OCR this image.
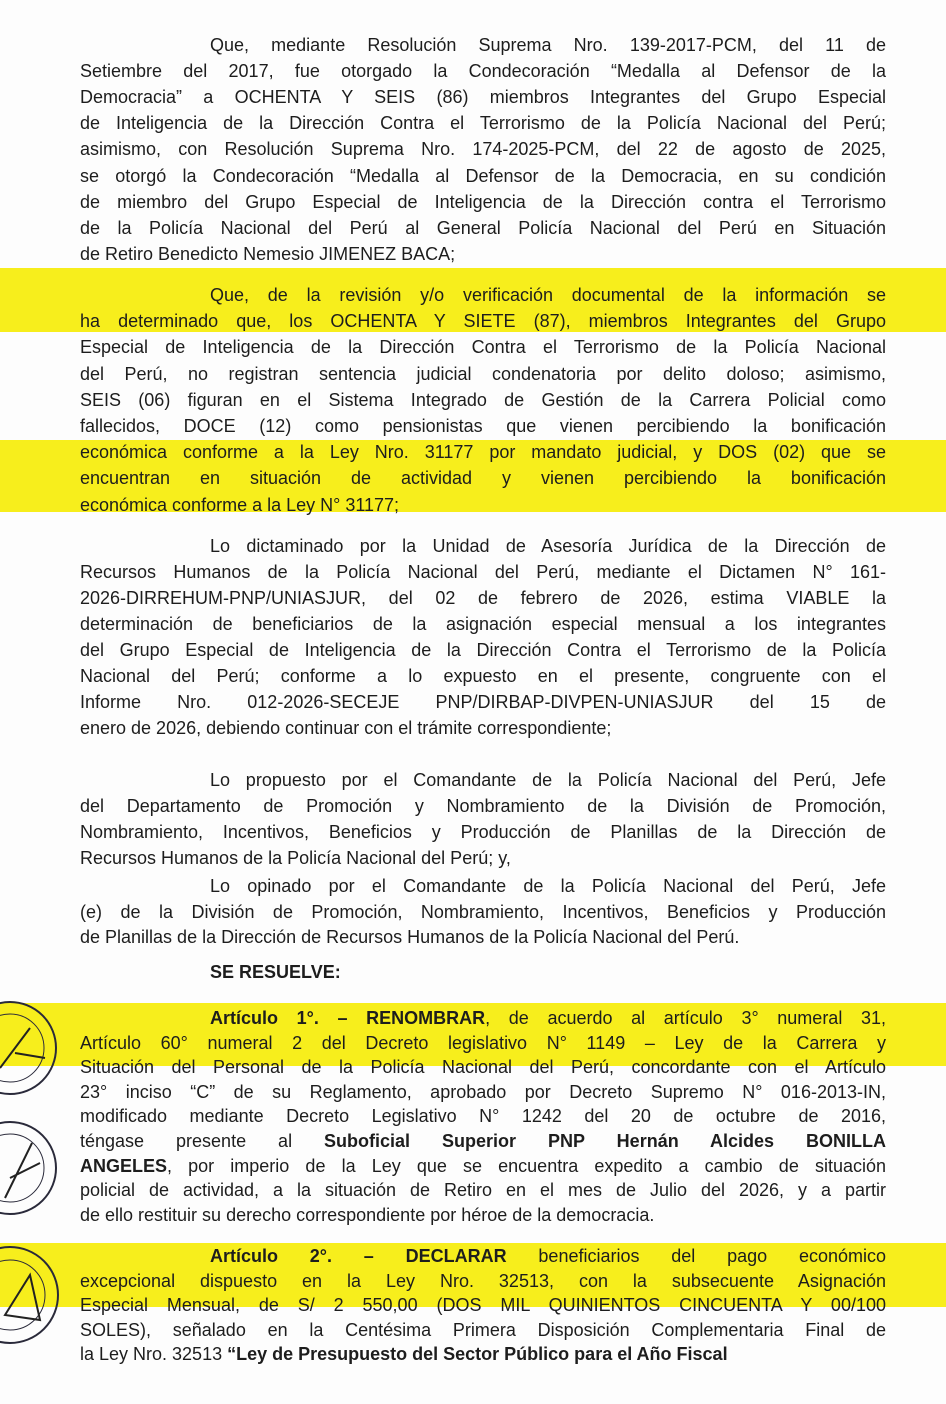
Que, mediante Resolución Suprema Nro. 139-2017-PCM, del 11 de
Setiembre del 2017, fue otorgado la Condecoración “Medalla al Defensor de la
Democracia” a OCHENTA Y SEIS (86) miembros Integrantes del Grupo Especial
de Inteligencia de la Dirección Contra el Terrorismo de la Policía Nacional del Perú;
asimismo, con Resolución Suprema Nro. 174-2025-PCM, del 22 de agosto de 2025,
se otorgó la Condecoración “Medalla al Defensor de la Democracia, en su condición
de miembro del Grupo Especial de Inteligencia de la Dirección contra el Terrorismo
de la Policía Nacional del Perú al General Policía Nacional del Perú en Situación
de Retiro Benedicto Nemesio JIMENEZ BACA;
Que, de la revisión y/o verificación documental de la información se
ha determinado que, los OCHENTA Y SIETE (87), miembros Integrantes del Grupo
Especial de Inteligencia de la Dirección Contra el Terrorismo de la Policía Nacional
del Perú, no registran sentencia judicial condenatoria por delito doloso; asimismo,
SEIS (06) figuran en el Sistema Integrado de Gestión de la Carrera Policial como
fallecidos, DOCE (12) como pensionistas que vienen percibiendo la bonificación
económica conforme a la Ley Nro. 31177 por mandato judicial, y DOS (02) que se
encuentran en situación de actividad y vienen percibiendo la bonificación
económica conforme a la Ley N° 31177;
Lo dictaminado por la Unidad de Asesoría Jurídica de la Dirección de
Recursos Humanos de la Policía Nacional del Perú, mediante el Dictamen N° 161-
2026-DIRREHUM-PNP/UNIASJUR, del 02 de febrero de 2026, estima VIABLE la
determinación de beneficiarios de la asignación especial mensual a los integrantes
del Grupo Especial de Inteligencia de la Dirección Contra el Terrorismo de la Policía
Nacional del Perú; conforme a lo expuesto en el presente, congruente con el
Informe Nro. 012-2026-SECEJE PNP/DIRBAP-DIVPEN-UNIASJUR del 15 de
enero de 2026, debiendo continuar con el trámite correspondiente;
Lo propuesto por el Comandante de la Policía Nacional del Perú, Jefe
del Departamento de Promoción y Nombramiento de la División de Promoción,
Nombramiento, Incentivos, Beneficios y Producción de Planillas de la Dirección de
Recursos Humanos de la Policía Nacional del Perú; y,
Lo opinado por el Comandante de la Policía Nacional del Perú, Jefe
(e) de la División de Promoción, Nombramiento, Incentivos, Beneficios y Producción
de Planillas de la Dirección de Recursos Humanos de la Policía Nacional del Perú.
SE RESUELVE:
Artículo 1°. – RENOMBRAR, de acuerdo al artículo 3° numeral 31,
Artículo 60° numeral 2 del Decreto legislativo N° 1149 – Ley de la Carrera y
Situación del Personal de la Policía Nacional del Perú, concordante con el Artículo
23° inciso “C” de su Reglamento, aprobado por Decreto Supremo N° 016-2013-IN,
modificado mediante Decreto Legislativo N° 1242 del 20 de octubre de 2016,
téngase presente al Suboficial Superior PNP Hernán Alcides BONILLA
ANGELES, por imperio de la Ley que se encuentra expedito a cambio de situación
policial de actividad, a la situación de Retiro en el mes de Julio del 2026, y a partir
de ello restituir su derecho correspondiente por héroe de la democracia.
Artículo 2°. – DECLARAR beneficiarios del pago económico
excepcional dispuesto en la Ley Nro. 32513, con la subsecuente Asignación
Especial Mensual, de S/ 2 550,00 (DOS MIL QUINIENTOS CINCUENTA Y 00/100
SOLES), señalado en la Centésima Primera Disposición Complementaria Final de
la Ley Nro. 32513 “Ley de Presupuesto del Sector Público para el Año Fiscal
